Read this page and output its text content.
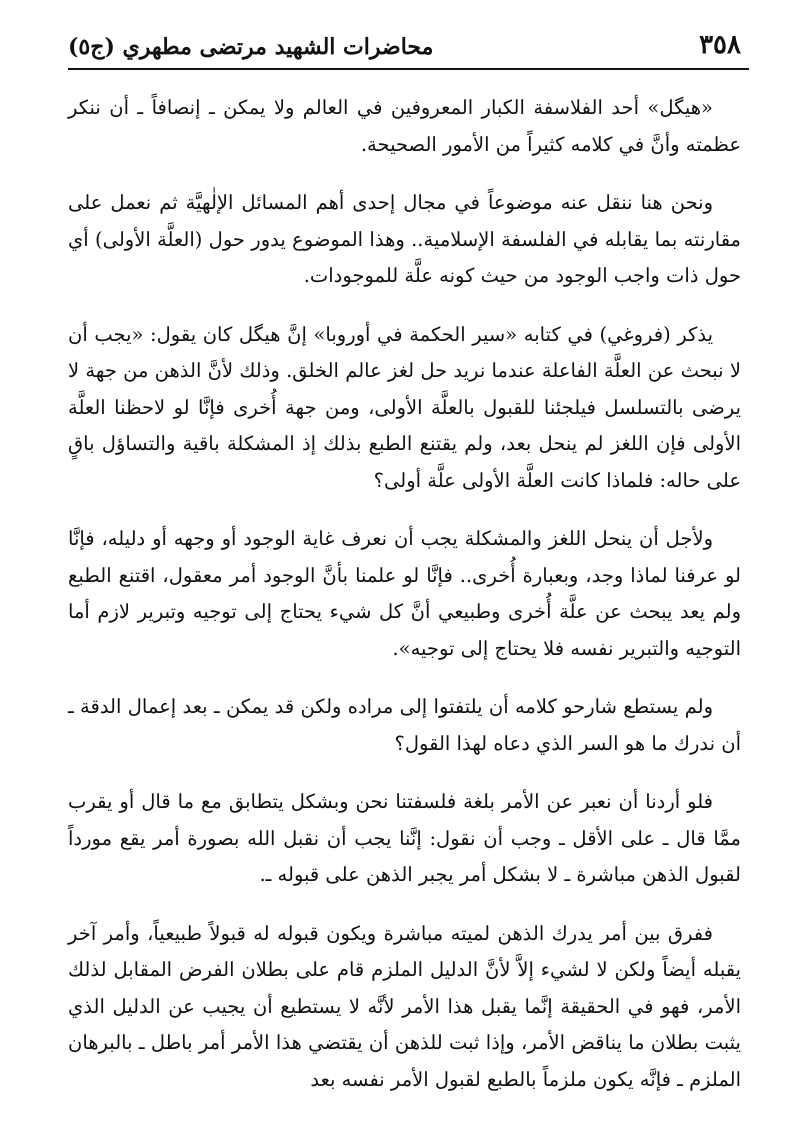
٣٥٨
محاضرات الشهيد مرتضى مطهري (ج٥)

«هيگل» أحد الفلاسفة الكبار المعروفين في العالم ولا يمكن ـ إنصافاً ـ أن ننكر عظمته وأنَّ في كلامه كثيراً من الأمور الصحيحة.

ونحن هنا ننقل عنه موضوعاً في مجال إحدى أهم المسائل الإلٰهيَّة ثم نعمل على مقارنته بما يقابله في الفلسفة الإسلامية.. وهذا الموضوع يدور حول (العلَّة الأولى) أي حول ذات واجب الوجود من حيث كونه علَّة للموجودات.

يذكر (فروغي) في كتابه «سير الحكمة في أوروبا» إنَّ هيگل كان يقول: «يجب أن لا نبحث عن العلَّة الفاعلة عندما نريد حل لغز عالم الخلق. وذلك لأنَّ الذهن من جهة لا يرضى بالتسلسل فيلجئنا للقبول بالعلَّة الأولى، ومن جهة أُخرى فإنَّا لو لاحظنا العلَّة الأولى فإن اللغز لم ينحل بعد، ولم يقتنع الطبع بذلك إذ المشكلة باقية والتساؤل باقٍ على حاله: فلماذا كانت العلَّة الأولى علَّة أولى؟

ولأجل أن ينحل اللغز والمشكلة يجب أن نعرف غاية الوجود أو وجهه أو دليله، فإنَّا لو عرفنا لماذا وجد، وبعبارة أُخرى.. فإنَّا لو علمنا بأنَّ الوجود أمر معقول، اقتنع الطبع ولم يعد يبحث عن علَّة أُخرى وطبيعي أنَّ كل شيء يحتاج إلى توجيه وتبرير لازم أما التوجيه والتبرير نفسه فلا يحتاج إلى توجيه».

ولم يستطع شارحو كلامه أن يلتفتوا إلى مراده ولكن قد يمكن ـ بعد إعمال الدقة ـ أن ندرك ما هو السر الذي دعاه لهذا القول؟

فلو أردنا أن نعبر عن الأمر بلغة فلسفتنا نحن وبشكل يتطابق مع ما قال أو يقرب ممَّا قال ـ على الأقل ـ وجب أن نقول: إنَّنا يجب أن نقبل الله بصورة أمر يقع مورداً لقبول الذهن مباشرة ـ لا بشكل أمر يجبر الذهن على قبوله ـ.

ففرق بين أمر يدرك الذهن لميته مباشرة ويكون قبوله له قبولاً طبيعياً، وأمر آخر يقبله أيضاً ولكن لا لشيء إلاَّ لأنَّ الدليل الملزم قام على بطلان الفرض المقابل لذلك الأمر، فهو في الحقيقة إنَّما يقبل هذا الأمر لأنَّه لا يستطيع أن يجيب عن الدليل الذي يثبت بطلان ما يناقض الأمر، وإذا ثبت للذهن أن يقتضي هذا الأمر أمر باطل ـ بالبرهان الملزم ـ فإنَّه يكون ملزماً بالطبع لقبول الأمر نفسه بعد
